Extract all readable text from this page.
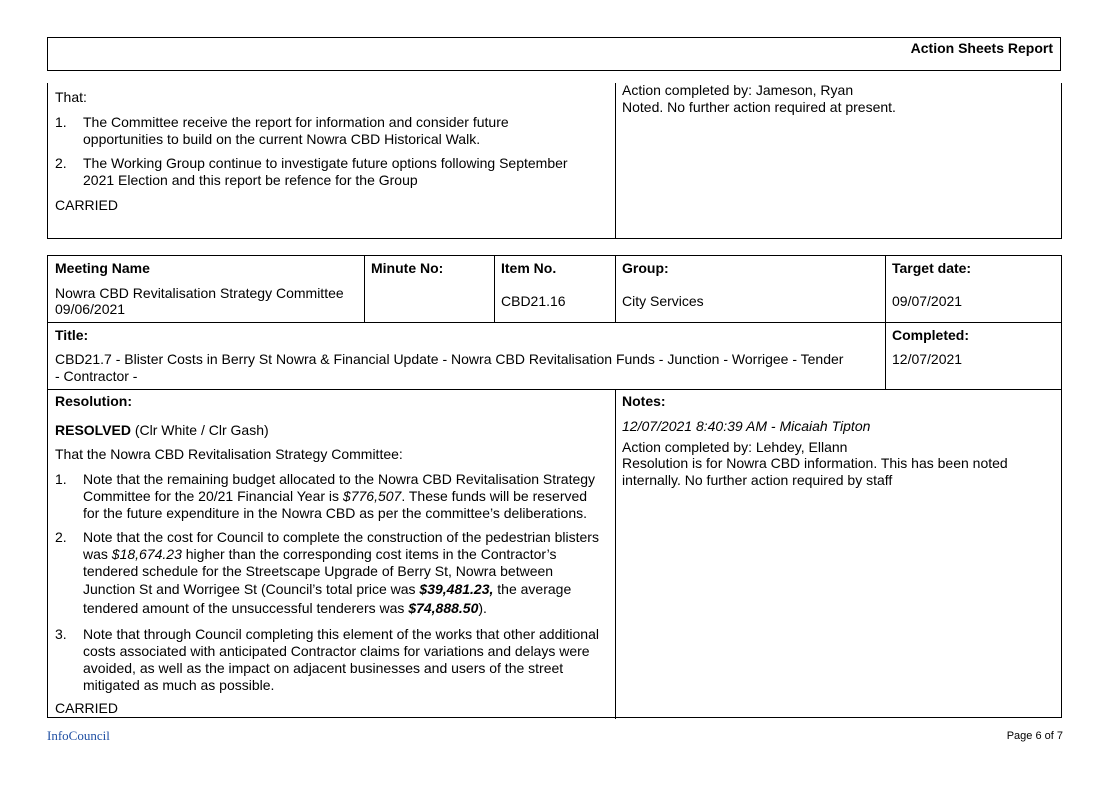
Action Sheets Report
That:
1. The Committee receive the report for information and consider future
opportunities to build on the current Nowra CBD Historical Walk.
2. The Working Group continue to investigate future options following September
2021 Election and this report be refence for the Group
CARRIED
Action completed by: Jameson, Ryan
Noted. No further action required at present.
Meeting Name
Nowra CBD Revitalisation Strategy Committee
09/06/2021
Minute No:	Item No.
CBD21.16
Group:
City Services
Target date:
09/07/2021
Title:
CBD21.7 - Blister Costs in Berry St Nowra & Financial Update - Nowra CBD Revitalisation Funds - Junction - Worrigee - Tender
- Contractor -
Completed:
12/07/2021
Resolution:
RESOLVED (Clr White / Clr Gash)
That the Nowra CBD Revitalisation Strategy Committee:
1. Note that the remaining budget allocated to the Nowra CBD Revitalisation Strategy
Committee for the 20/21 Financial Year is $776,507. These funds will be reserved
for the future expenditure in the Nowra CBD as per the committee’s deliberations.
2. Note that the cost for Council to complete the construction of the pedestrian blisters
was $18,674.23 higher than the corresponding cost items in the Contractor’s
tendered schedule for the Streetscape Upgrade of Berry St, Nowra between
Junction St and Worrigee St (Council’s total price was $39,481.23, the average
tendered amount of the unsuccessful tenderers was $74,888.50).
3. Note that through Council completing this element of the works that other additional
costs associated with anticipated Contractor claims for variations and delays were
avoided, as well as the impact on adjacent businesses and users of the street
mitigated as much as possible.
CARRIED
Notes:
12/07/2021 8:40:39 AM - Micaiah Tipton
Action completed by: Lehdey, Ellann
Resolution is for Nowra CBD information. This has been noted
internally. No further action required by staff
InfoCouncil	Page 6 of 7
